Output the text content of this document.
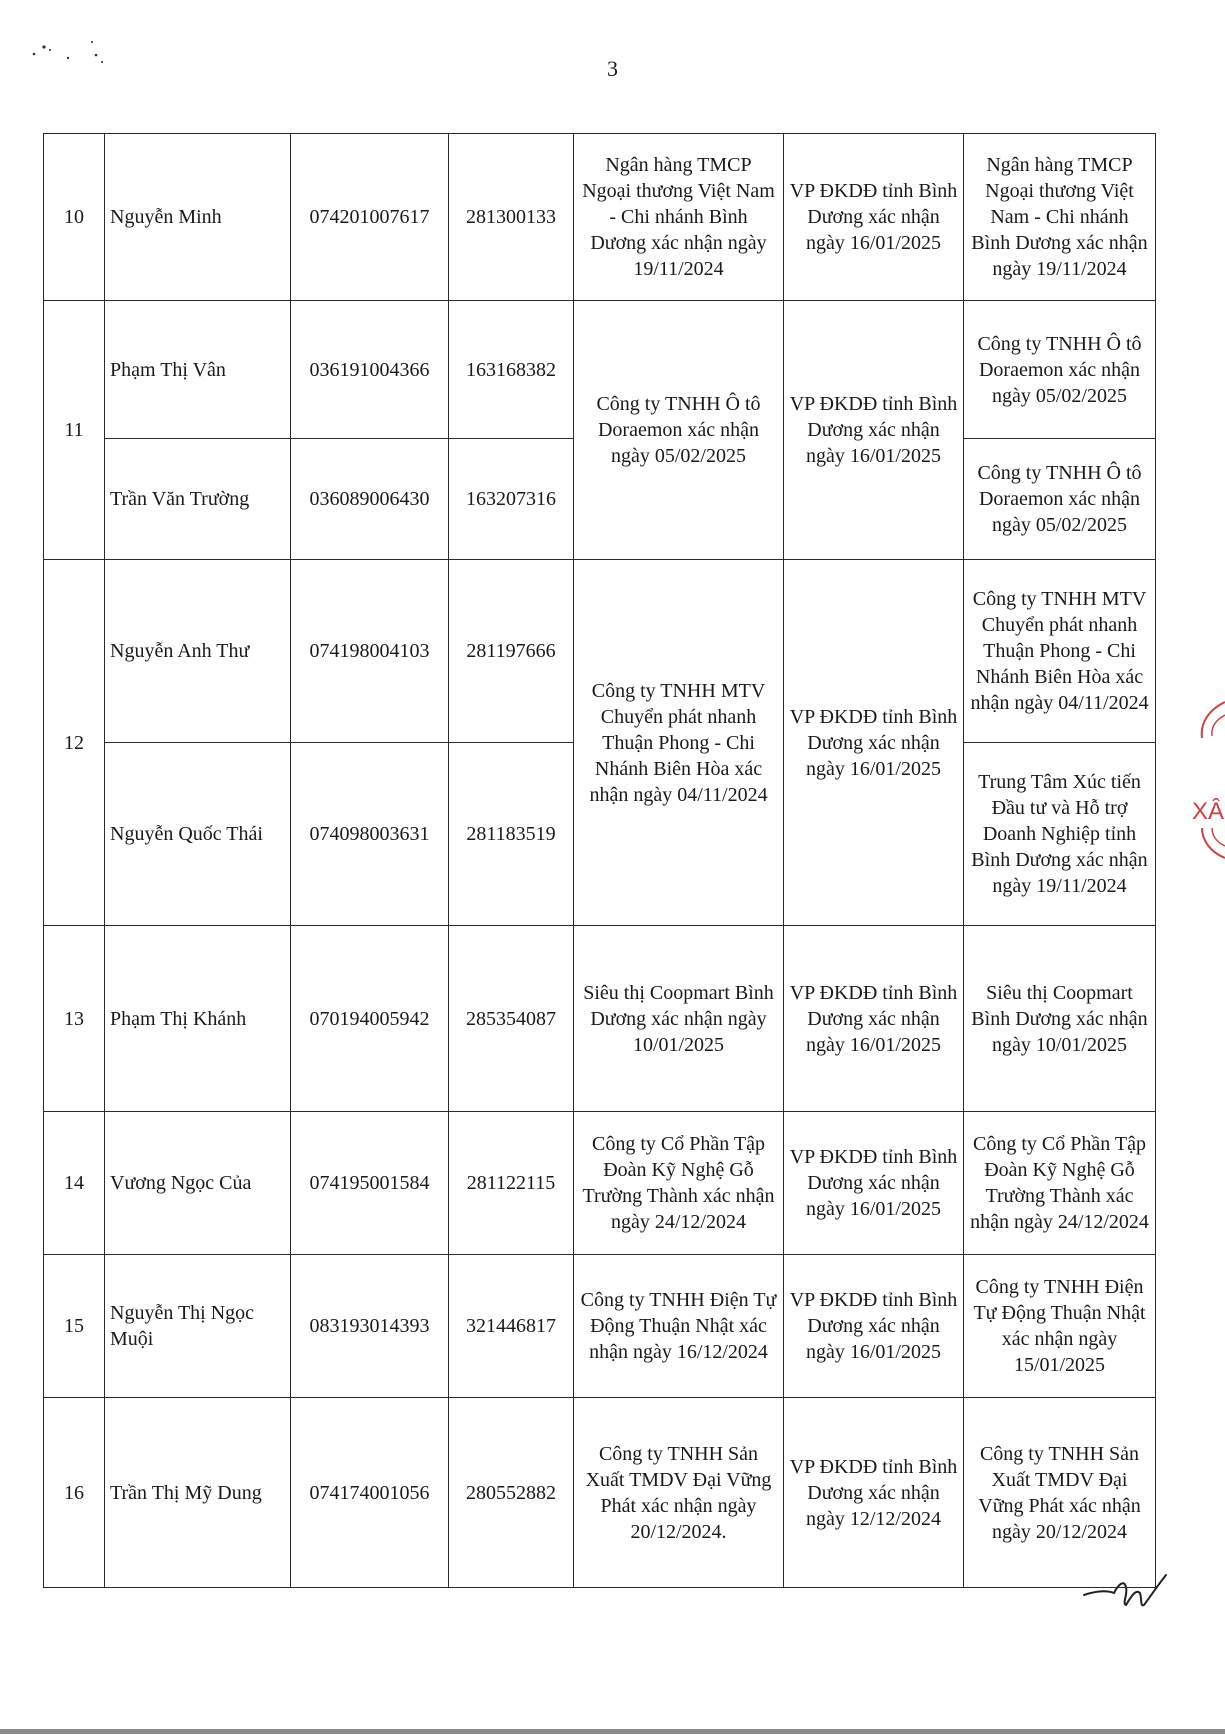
3
10	Nguyễn Minh	074201007617	281300133	Ngân hàng TMCP Ngoại thương Việt Nam - Chi nhánh Bình Dương xác nhận ngày 19/11/2024	VP ĐKDĐ tỉnh Bình Dương xác nhận ngày 16/01/2025	Ngân hàng TMCP Ngoại thương Việt Nam - Chi nhánh Bình Dương xác nhận ngày 19/11/2024
11	Phạm Thị Vân	036191004366	163168382	Công ty TNHH Ô tô Doraemon xác nhận ngày 05/02/2025	VP ĐKDĐ tỉnh Bình Dương xác nhận ngày 16/01/2025	Công ty TNHH Ô tô Doraemon xác nhận ngày 05/02/2025
	Trần Văn Trường	036089006430	163207316			Công ty TNHH Ô tô Doraemon xác nhận ngày 05/02/2025
12	Nguyễn Anh Thư	074198004103	281197666	Công ty TNHH MTV Chuyển phát nhanh Thuận Phong - Chi Nhánh Biên Hòa xác nhận ngày 04/11/2024	VP ĐKDĐ tỉnh Bình Dương xác nhận ngày 16/01/2025	Công ty TNHH MTV Chuyển phát nhanh Thuận Phong - Chi Nhánh Biên Hòa xác nhận ngày 04/11/2024
	Nguyễn Quốc Thái	074098003631	281183519			Trung Tâm Xúc tiến Đầu tư và Hỗ trợ Doanh Nghiệp tỉnh Bình Dương xác nhận ngày 19/11/2024
13	Phạm Thị Khánh	070194005942	285354087	Siêu thị Coopmart Bình Dương xác nhận ngày 10/01/2025	VP ĐKDĐ tỉnh Bình Dương xác nhận ngày 16/01/2025	Siêu thị Coopmart Bình Dương xác nhận ngày 10/01/2025
14	Vương Ngọc Của	074195001584	281122115	Công ty Cổ Phần Tập Đoàn Kỹ Nghệ Gỗ Trường Thành xác nhận ngày 24/12/2024	VP ĐKDĐ tỉnh Bình Dương xác nhận ngày 16/01/2025	Công ty Cổ Phần Tập Đoàn Kỹ Nghệ Gỗ Trường Thành xác nhận ngày 24/12/2024
15	Nguyễn Thị Ngọc Muội	083193014393	321446817	Công ty TNHH Điện Tự Động Thuận Nhật xác nhận ngày 16/12/2024	VP ĐKDĐ tỉnh Bình Dương xác nhận ngày 16/01/2025	Công ty TNHH Điện Tự Động Thuận Nhật xác nhận ngày 15/01/2025
16	Trần Thị Mỹ Dung	074174001056	280552882	Công ty TNHH Sản Xuất TMDV Đại Vững Phát xác nhận ngày 20/12/2024.	VP ĐKDĐ tỉnh Bình Dương xác nhận ngày 12/12/2024	Công ty TNHH Sản Xuất TMDV Đại Vững Phát xác nhận ngày 20/12/2024
XÂ
